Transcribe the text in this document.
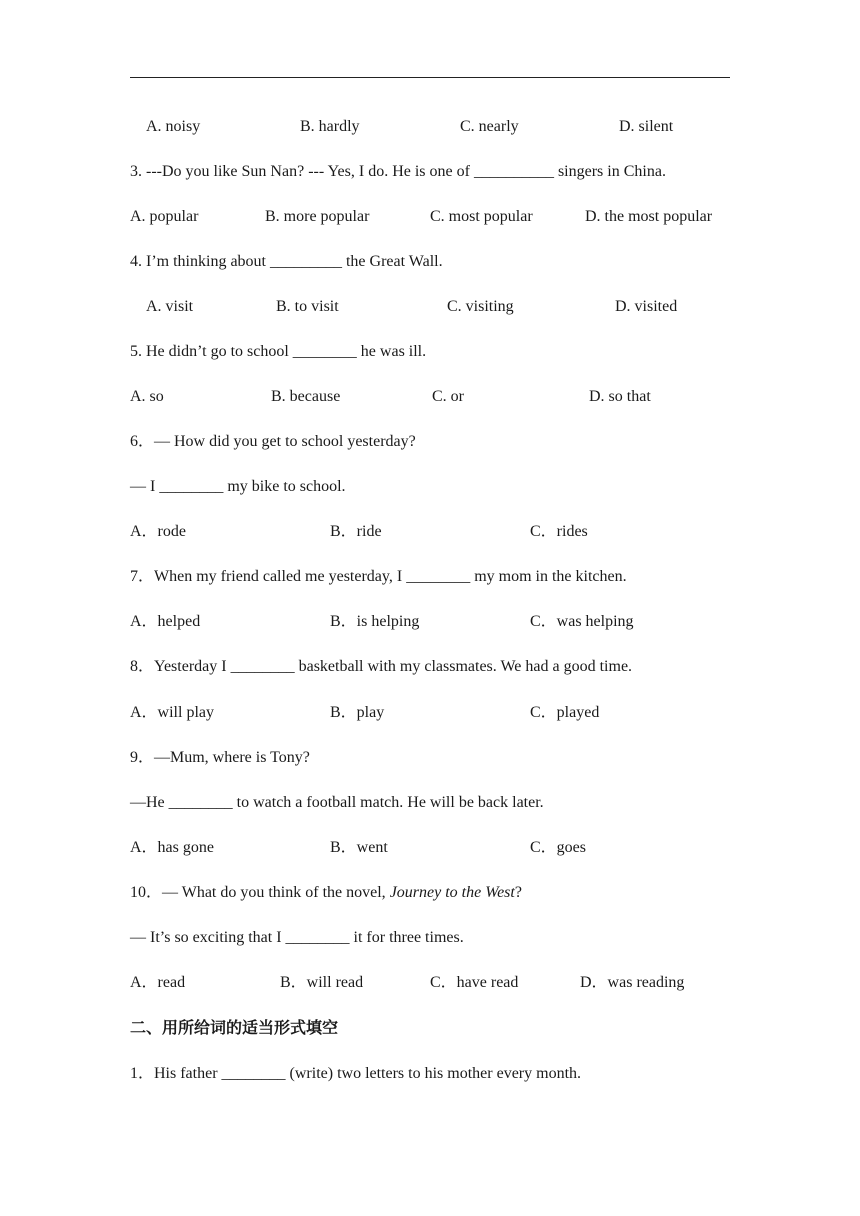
A. noisy	B. hardly	C. nearly	D. silent
3. ---Do you like Sun Nan? --- Yes, I do. He is one of __________ singers in China.
A. popular	B. more popular	C. most popular	D. the most popular
4. I’m thinking about _________ the Great Wall.
A. visit	B. to visit	C. visiting	D. visited
5. He didn’t go to school ________ he was ill.
A. so	B. because	C. or	D. so that
6．— How did you get to school yesterday?
— I ________ my bike to school.
A．rode	B．ride	C．rides
7．When my friend called me yesterday, I ________ my mom in the kitchen.
A．helped	B．is helping	C．was helping
8．Yesterday I ________ basketball with my classmates. We had a good time.
A．will play	B．play	C．played
9．—Mum, where is Tony?
—He ________ to watch a football match. He will be back later.
A．has gone	B．went	C．goes
10．— What do you think of the novel, Journey to the West?
— It’s so exciting that I ________ it for three times.
A．read	B．will read	C．have read	D．was reading
二、用所给词的适当形式填空
1．His father ________ (write) two letters to his mother every month.
